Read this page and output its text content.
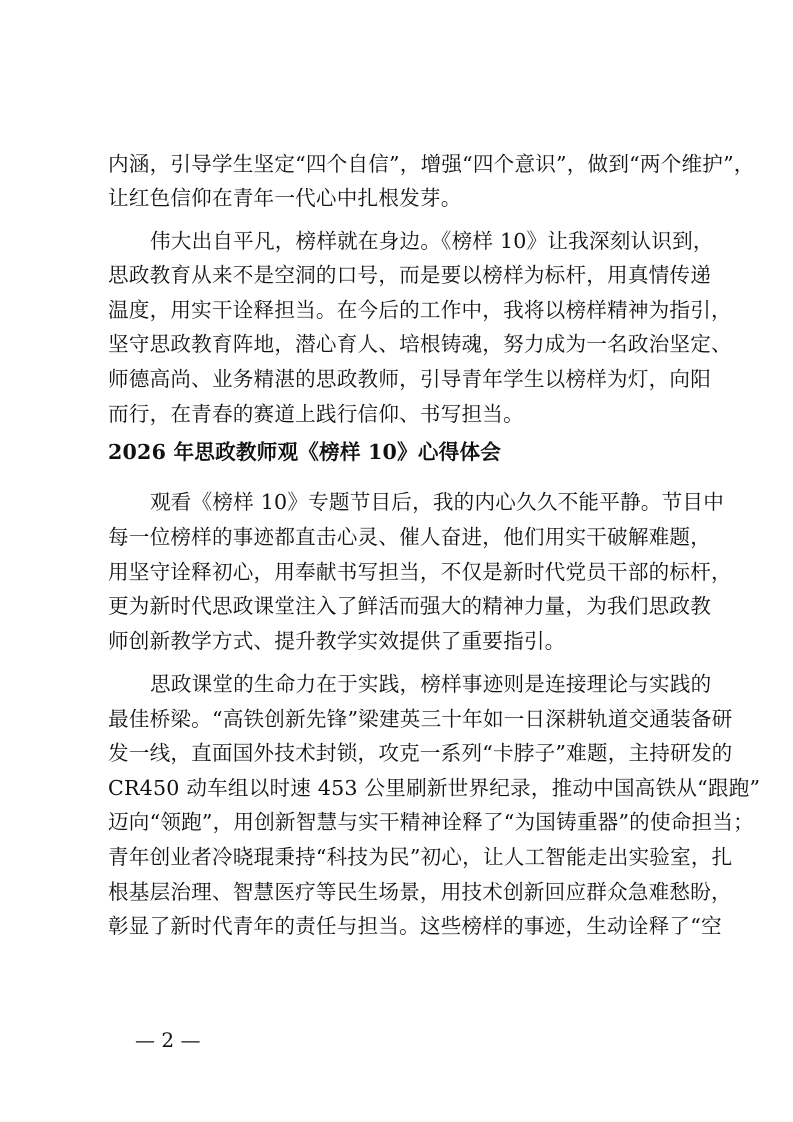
内涵，引导学生坚定“四个自信”，增强“四个意识”，做到“两个维护”，
让红色信仰在青年一代心中扎根发芽。
伟大出自平凡，榜样就在身边。《榜样 10》让我深刻认识到，
思政教育从来不是空洞的口号，而是要以榜样为标杆，用真情传递
温度，用实干诠释担当。在今后的工作中，我将以榜样精神为指引，
坚守思政教育阵地，潜心育人、培根铸魂，努力成为一名政治坚定、
师德高尚、业务精湛的思政教师，引导青年学生以榜样为灯，向阳
而行，在青春的赛道上践行信仰、书写担当。
2026 年思政教师观《榜样 10》心得体会
观看《榜样 10》专题节目后，我的内心久久不能平静。节目中
每一位榜样的事迹都直击心灵、催人奋进，他们用实干破解难题，
用坚守诠释初心，用奉献书写担当，不仅是新时代党员干部的标杆，
更为新时代思政课堂注入了鲜活而强大的精神力量，为我们思政教
师创新教学方式、提升教学实效提供了重要指引。
思政课堂的生命力在于实践，榜样事迹则是连接理论与实践的
最佳桥梁。“高铁创新先锋”梁建英三十年如一日深耕轨道交通装备研
发一线，直面国外技术封锁，攻克一系列“卡脖子”难题，主持研发的
CR450 动车组以时速 453 公里刷新世界纪录，推动中国高铁从“跟跑”
迈向“领跑”，用创新智慧与实干精神诠释了“为国铸重器”的使命担当；
青年创业者冷晓琨秉持“科技为民”初心，让人工智能走出实验室，扎
根基层治理、智慧医疗等民生场景，用技术创新回应群众急难愁盼，
彰显了新时代青年的责任与担当。这些榜样的事迹，生动诠释了“空
— 2 —
